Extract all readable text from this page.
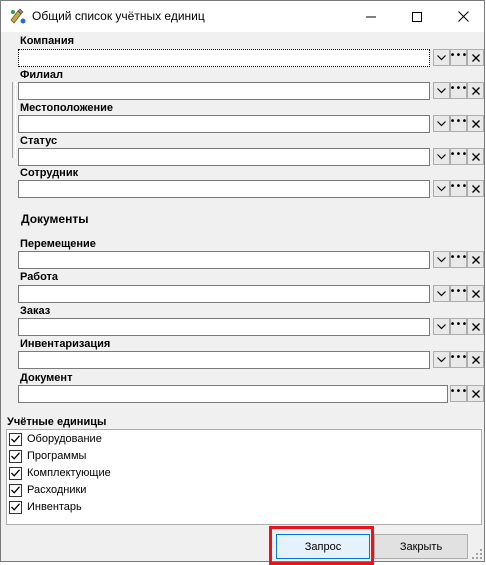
Общий список учётных единиц
Компания
•••
Филиал
•••
Местоположение
•••
Статус
•••
Сотрудник
•••
Документы
Перемещение
•••
Работа
•••
Заказ
•••
Инвентаризация
•••
Документ
•••
Учётные единицы
Оборудование
Программы
Комплектующие
Расходники
Инвентарь
Запрос	Закрыть
